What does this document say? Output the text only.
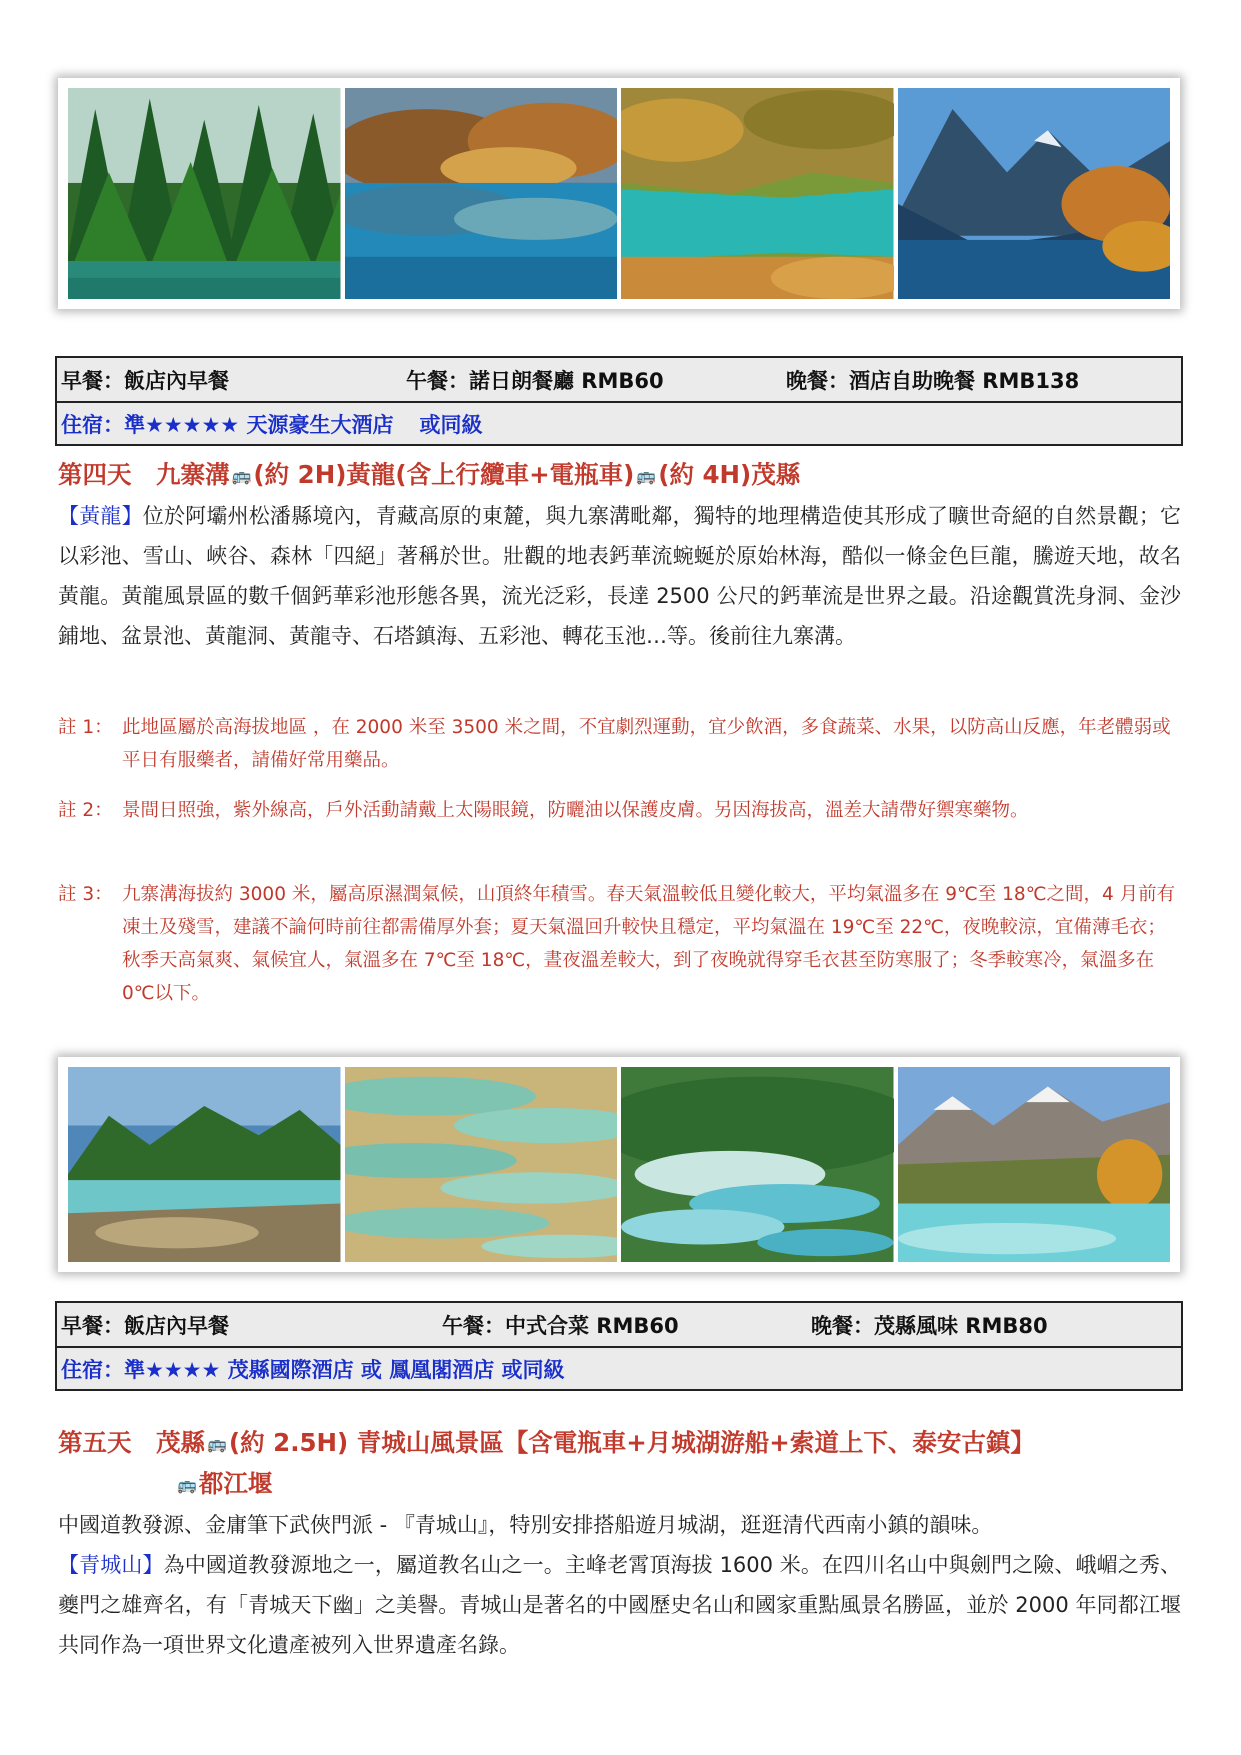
早餐：飯店內早餐	午餐：諾日朗餐廳 RMB60	晚餐：酒店自助晚餐 RMB138
住宿：準★★★★★ 天源豪生大酒店 或同級
第四天　九寨溝 🚌(約 2H)黃龍(含上行纜車+電瓶車) 🚌(約 4H)茂縣
【黃龍】位於阿壩州松潘縣境內，青藏高原的東麓，與九寨溝毗鄰，獨特的地理構造使其形成了曠世奇絕的自然景觀；它以彩池、雪山、峽谷、森林「四絕」著稱於世。壯觀的地表鈣華流蜿蜒於原始林海，酷似一條金色巨龍，騰遊天地，故名黃龍。黃龍風景區的數千個鈣華彩池形態各異，流光泛彩，長達 2500 公尺的鈣華流是世界之最。沿途觀賞洗身洞、金沙鋪地、盆景池、黃龍洞、黃龍寺、石塔鎮海、五彩池、轉花玉池…等。後前往九寨溝。
註 1： 此地區屬於高海拔地區 ，在 2000 米至 3500 米之間，不宜劇烈運動，宜少飲酒，多食蔬菜、水果，以防高山反應，年老體弱或平日有服藥者，請備好常用藥品。
註 2： 景間日照強，紫外線高，戶外活動請戴上太陽眼鏡，防曬油以保護皮膚。另因海拔高，溫差大請帶好禦寒藥物。
註 3： 九寨溝海拔約 3000 米，屬高原濕潤氣候，山頂終年積雪。春天氣溫較低且變化較大，平均氣溫多在 9℃至 18℃之間，4 月前有凍土及殘雪，建議不論何時前往都需備厚外套；夏天氣溫回升較快且穩定，平均氣溫在 19℃至 22℃，夜晚較涼，宜備薄毛衣；秋季天高氣爽、氣候宜人，氣溫多在 7℃至 18℃，晝夜溫差較大，到了夜晚就得穿毛衣甚至防寒服了；冬季較寒冷，氣溫多在 0℃以下。
早餐：飯店內早餐	午餐：中式合菜 RMB60	晚餐：茂縣風味 RMB80
住宿：準★★★★ 茂縣國際酒店 或 鳳凰閣酒店 或同級
第五天　茂縣 🚌(約 2.5H) 青城山風景區【含電瓶車+月城湖游船+索道上下、泰安古鎮】
🚌都江堰
中國道教發源、金庸筆下武俠門派 - 『青城山』，特別安排搭船遊月城湖，逛逛清代西南小鎮的韻味。
【青城山】為中國道教發源地之一，屬道教名山之一。主峰老霄頂海拔 1600 米。在四川名山中與劍門之險、峨嵋之秀、夔門之雄齊名，有「青城天下幽」之美譽。青城山是著名的中國歷史名山和國家重點風景名勝區，並於 2000 年同都江堰共同作為一項世界文化遺產被列入世界遺產名錄。
